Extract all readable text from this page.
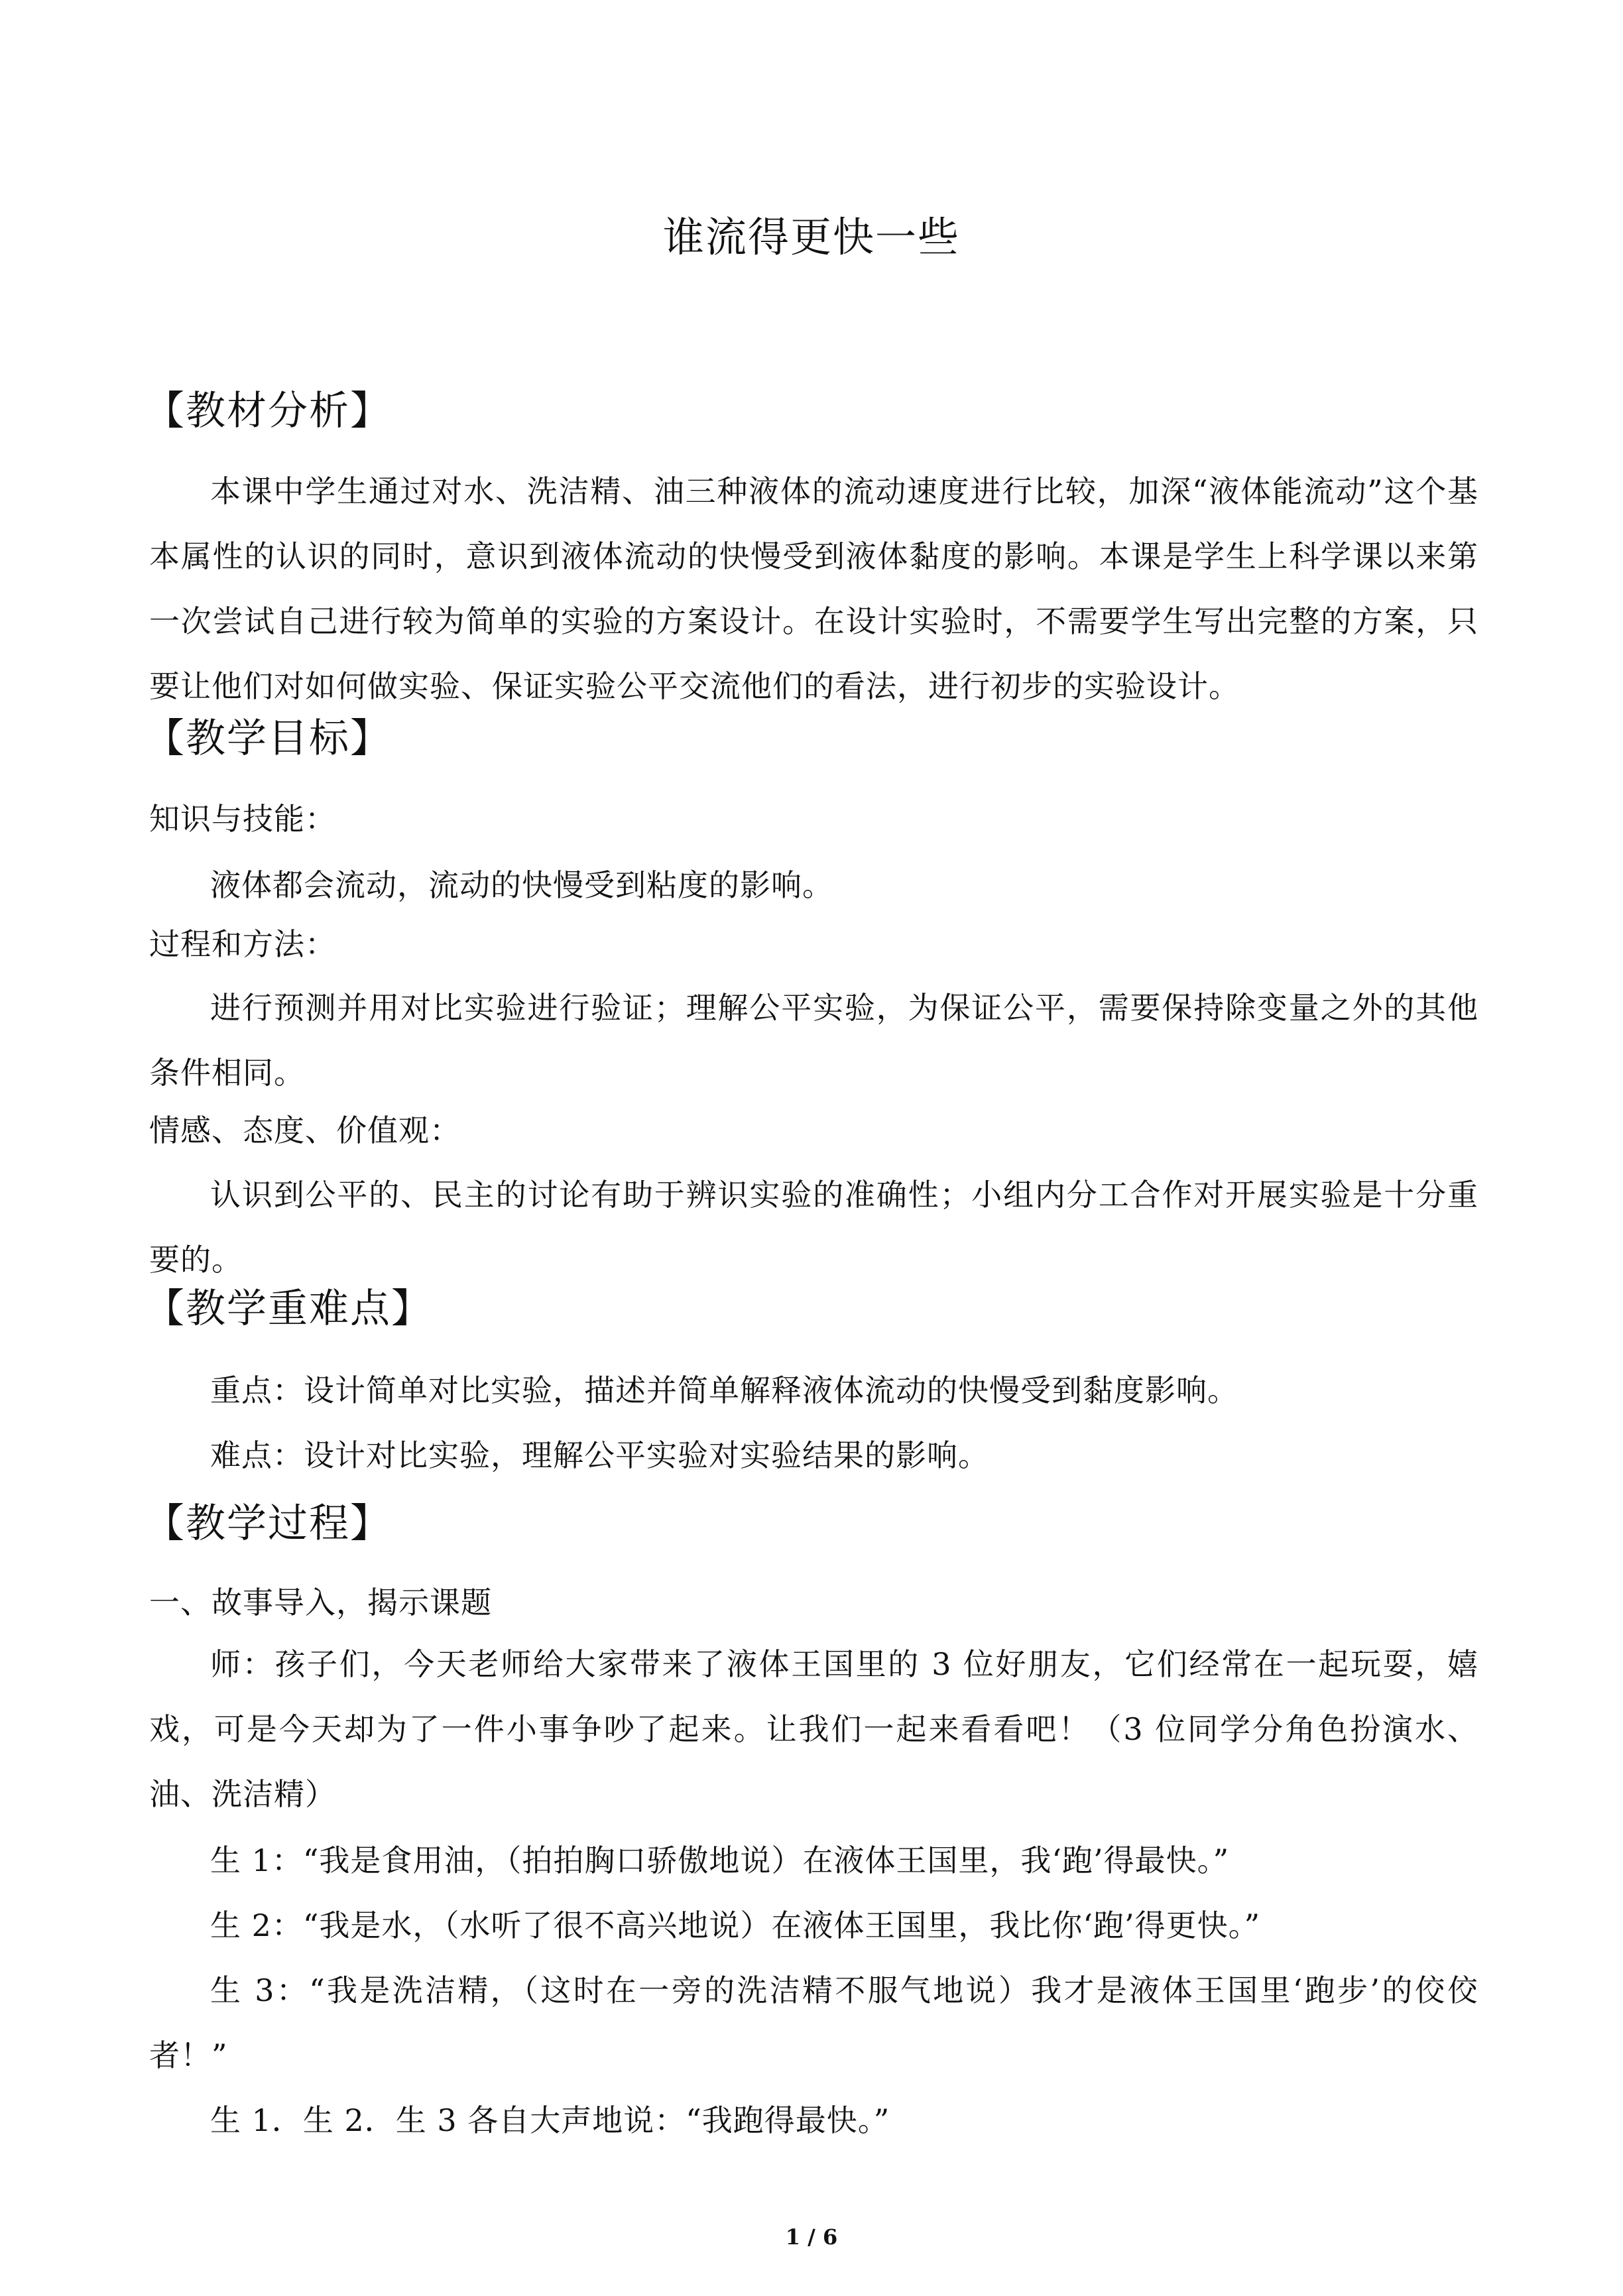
谁流得更快一些
【教材分析】
本课中学生通过对水、洗洁精、油三种液体的流动速度进行比较，加深“液体能流动”这个基本属性的认识的同时，意识到液体流动的快慢受到液体黏度的影响。本课是学生上科学课以来第一次尝试自己进行较为简单的实验的方案设计。在设计实验时，不需要学生写出完整的方案，只要让他们对如何做实验、保证实验公平交流他们的看法，进行初步的实验设计。
【教学目标】
知识与技能：
液体都会流动，流动的快慢受到粘度的影响。
过程和方法：
进行预测并用对比实验进行验证；理解公平实验，为保证公平，需要保持除变量之外的其他条件相同。
情感、态度、价值观：
认识到公平的、民主的讨论有助于辨识实验的准确性；小组内分工合作对开展实验是十分重要的。
【教学重难点】
重点：设计简单对比实验，描述并简单解释液体流动的快慢受到黏度影响。
难点：设计对比实验，理解公平实验对实验结果的影响。
【教学过程】
一、故事导入，揭示课题
师：孩子们，今天老师给大家带来了液体王国里的 3 位好朋友，它们经常在一起玩耍，嬉戏，可是今天却为了一件小事争吵了起来。让我们一起来看看吧！（3 位同学分角色扮演水、油、洗洁精）
生 1：“我是食用油，（拍拍胸口骄傲地说）在液体王国里，我‘跑’得最快。”
生 2：“我是水，（水听了很不高兴地说）在液体王国里，我比你‘跑’得更快。”
生 3：“我是洗洁精，（这时在一旁的洗洁精不服气地说）我才是液体王国里‘跑步’的佼佼者！”
生 1．生 2．生 3 各自大声地说：“我跑得最快。”
1 / 6
